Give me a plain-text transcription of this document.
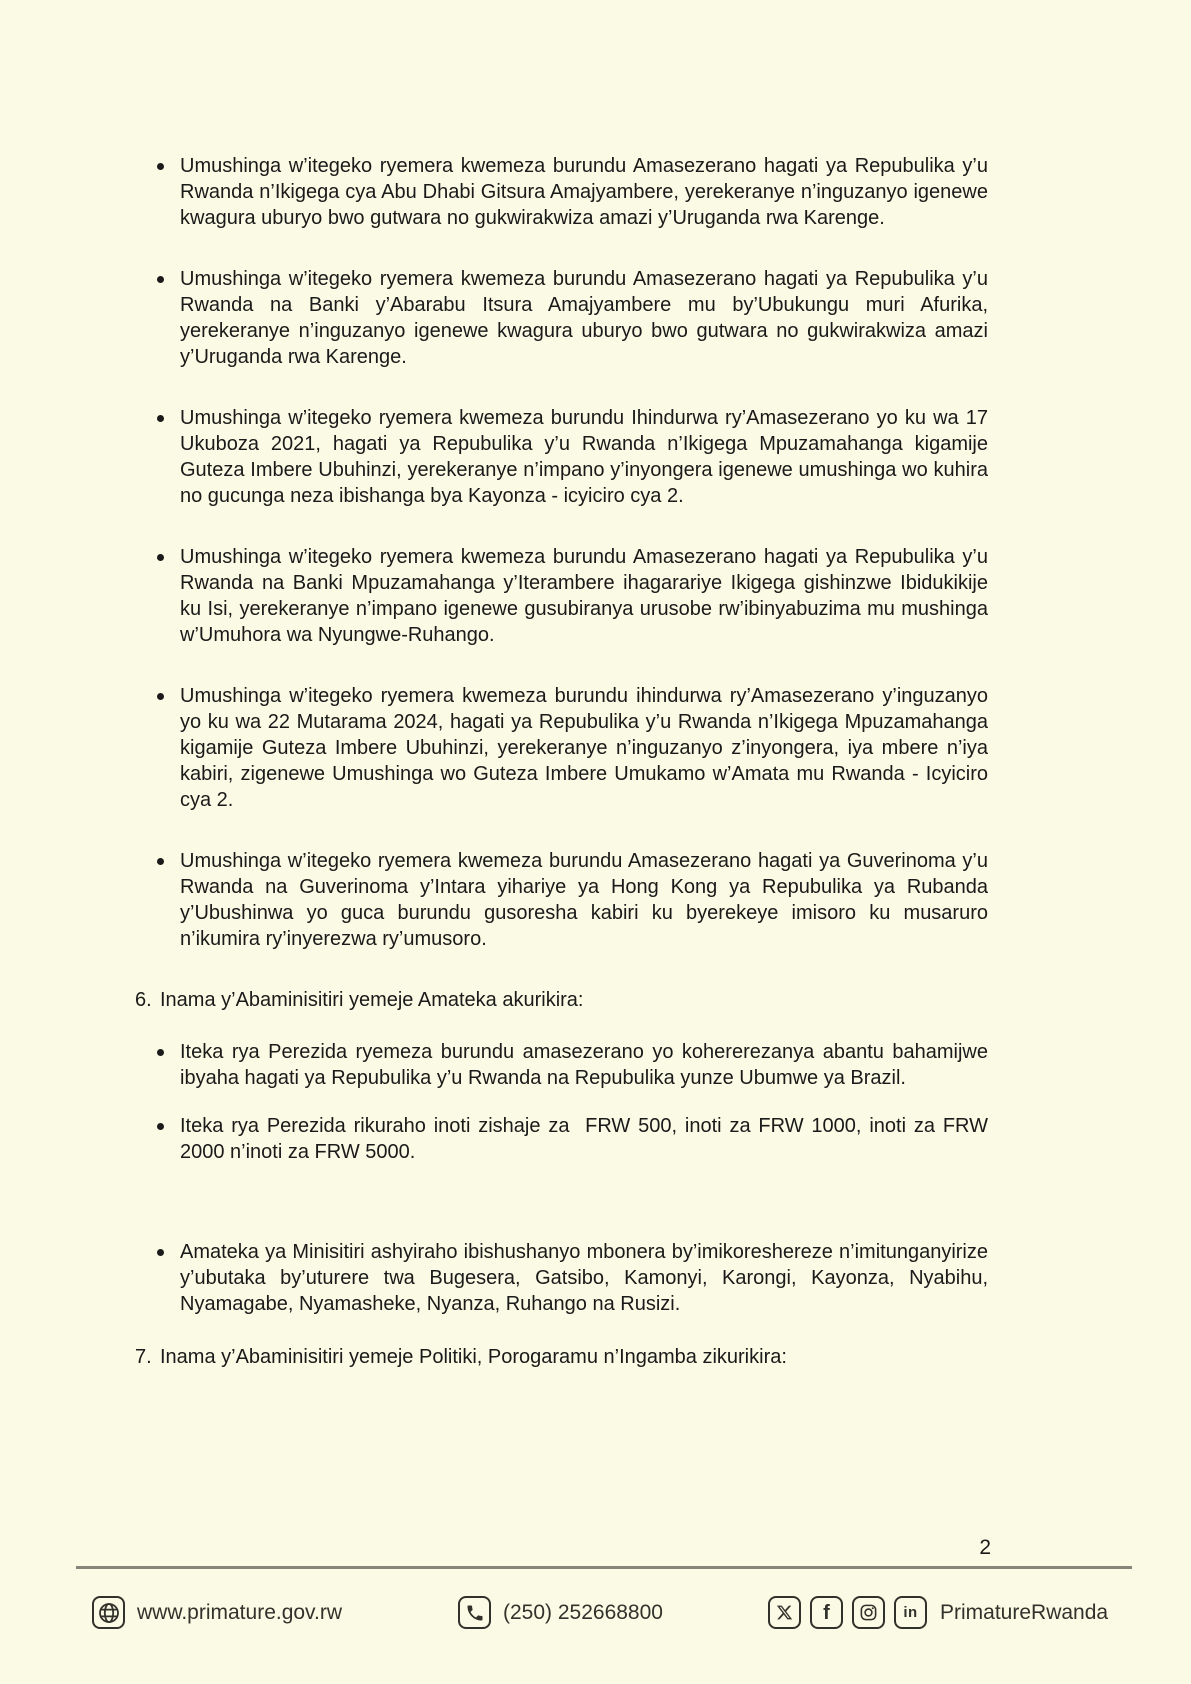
Umushinga w’itegeko ryemera kwemeza burundu Amasezerano hagati ya Repubulika y’u Rwanda n’Ikigega cya Abu Dhabi Gitsura Amajyambere, yerekeranye n’inguzanyo igenewe kwagura uburyo bwo gutwara no gukwirakwiza amazi y’Uruganda rwa Karenge.
Umushinga w’itegeko ryemera kwemeza burundu Amasezerano hagati ya Repubulika y’u Rwanda na Banki y’Abarabu Itsura Amajyambere mu by’Ubukungu muri Afurika, yerekeranye n’inguzanyo igenewe kwagura uburyo bwo gutwara no gukwirakwiza amazi y’Uruganda rwa Karenge.
Umushinga w’itegeko ryemera kwemeza burundu Ihindurwa ry’Amasezerano yo ku wa 17 Ukuboza 2021, hagati ya Repubulika y’u Rwanda n’Ikigega Mpuzamahanga kigamije Guteza Imbere Ubuhinzi, yerekeranye n’impano y’inyongera igenewe umushinga wo kuhira no gucunga neza ibishanga bya Kayonza - icyiciro cya 2.
Umushinga w’itegeko ryemera kwemeza burundu Amasezerano hagati ya Repubulika y’u Rwanda na Banki Mpuzamahanga y’Iterambere ihagarariye Ikigega gishinzwe Ibidukikije ku Isi, yerekeranye n’impano igenewe gusubiranya urusobe rw’ibinyabuzima mu mushinga w’Umuhora wa Nyungwe-Ruhango.
Umushinga w’itegeko ryemera kwemeza burundu ihindurwa ry’Amasezerano y’inguzanyo yo ku wa 22 Mutarama 2024, hagati ya Repubulika y’u Rwanda n’Ikigega Mpuzamahanga kigamije Guteza Imbere Ubuhinzi, yerekeranye n’inguzanyo z’inyongera, iya mbere n’iya kabiri, zigenewe Umushinga wo Guteza Imbere Umukamo w’Amata mu Rwanda - Icyiciro cya 2.
Umushinga w’itegeko ryemera kwemeza burundu Amasezerano hagati ya Guverinoma y’u Rwanda na Guverinoma y’Intara yihariye ya Hong Kong ya Repubulika ya Rubanda y’Ubushinwa yo guca burundu gusoresha kabiri ku byerekeye imisoro ku musaruro n’ikumira ry’inyerezwa ry’umusoro.
6. Inama y’Abaminisitiri yemeje Amateka akurikira:
Iteka rya Perezida ryemeza burundu amasezerano yo kohererezanya abantu bahamijwe ibyaha hagati ya Repubulika y’u Rwanda na Repubulika yunze Ubumwe ya Brazil.
Iteka rya Perezida rikuraho inoti zishaje za  FRW 500, inoti za FRW 1000, inoti za FRW 2000 n’inoti za FRW 5000.
Amateka ya Minisitiri ashyiraho ibishushanyo mbonera by’imikoreshereze n’imitunganyirize y’ubutaka by’uturere twa Bugesera, Gatsibo, Kamonyi, Karongi, Kayonza, Nyabihu, Nyamagabe, Nyamasheke, Nyanza, Ruhango na Rusizi.
7. Inama y’Abaminisitiri yemeje Politiki, Porogaramu n’Ingamba zikurikira:
2
www.primature.gov.rw	(250) 252668800	f	in PrimatureRwanda
